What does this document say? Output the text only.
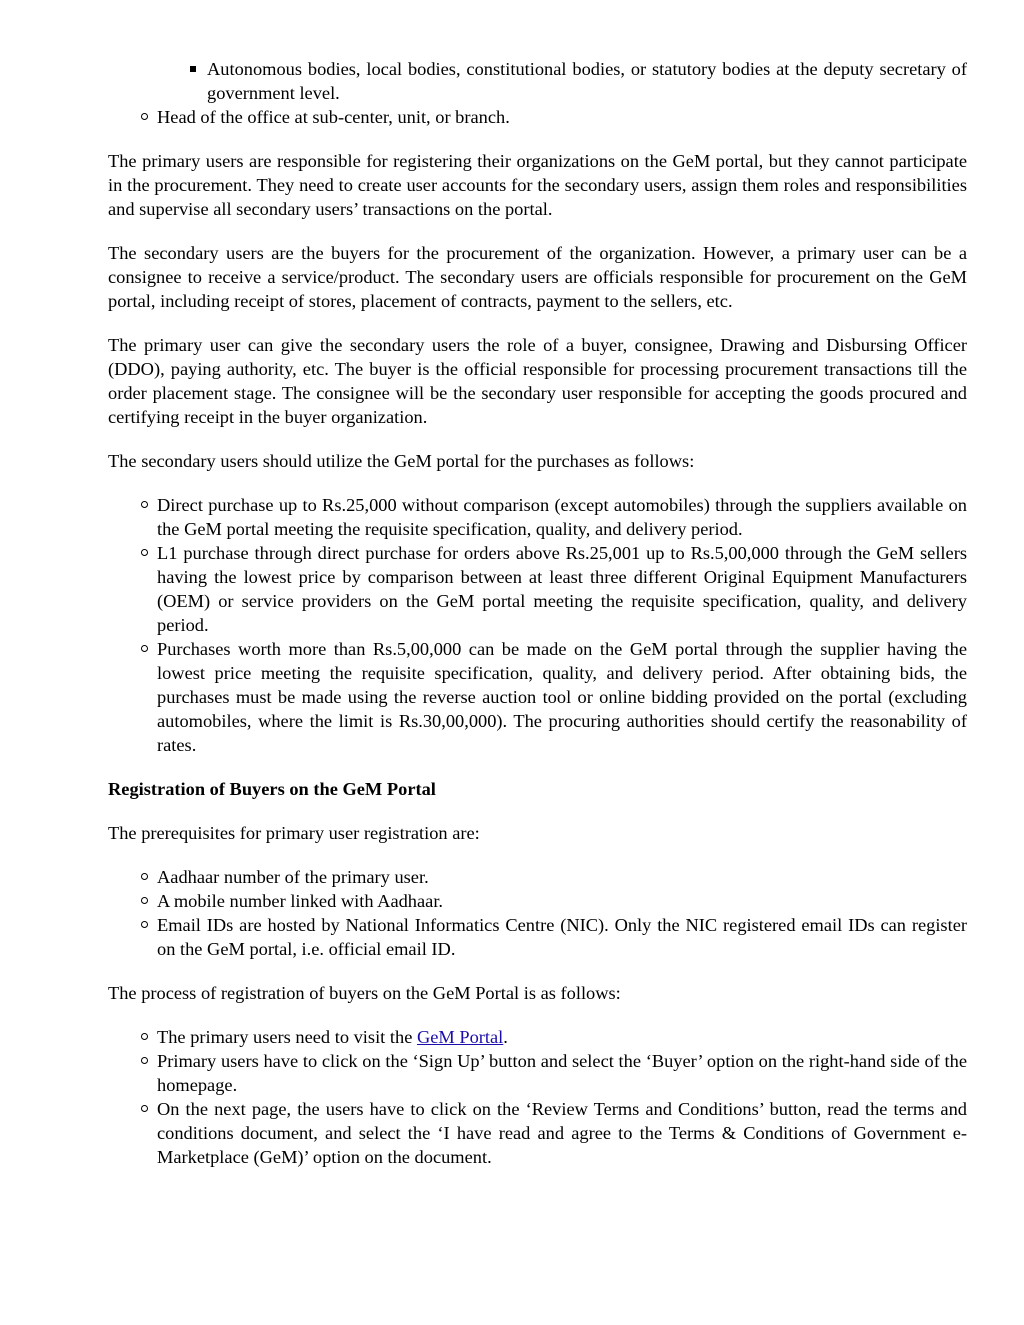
Autonomous bodies, local bodies, constitutional bodies, or statutory bodies at the deputy secretary of government level.
Head of the office at sub-center, unit, or branch.

The primary users are responsible for registering their organizations on the GeM portal, but they cannot participate in the procurement. They need to create user accounts for the secondary users, assign them roles and responsibilities and supervise all secondary users’ transactions on the portal.

The secondary users are the buyers for the procurement of the organization. However, a primary user can be a consignee to receive a service/product. The secondary users are officials responsible for procurement on the GeM portal, including receipt of stores, placement of contracts, payment to the sellers, etc.

The primary user can give the secondary users the role of a buyer, consignee, Drawing and Disbursing Officer (DDO), paying authority, etc. The buyer is the official responsible for processing procurement transactions till the order placement stage. The consignee will be the secondary user responsible for accepting the goods procured and certifying receipt in the buyer organization.

The secondary users should utilize the GeM portal for the purchases as follows:

Direct purchase up to Rs.25,000 without comparison (except automobiles) through the suppliers available on the GeM portal meeting the requisite specification, quality, and delivery period.
L1 purchase through direct purchase for orders above Rs.25,001 up to Rs.5,00,000 through the GeM sellers having the lowest price by comparison between at least three different Original Equipment Manufacturers (OEM) or service providers on the GeM portal meeting the requisite specification, quality, and delivery period.
Purchases worth more than Rs.5,00,000 can be made on the GeM portal through the supplier having the lowest price meeting the requisite specification, quality, and delivery period. After obtaining bids, the purchases must be made using the reverse auction tool or online bidding provided on the portal (excluding automobiles, where the limit is Rs.30,00,000). The procuring authorities should certify the reasonability of rates.

Registration of Buyers on the GeM Portal

The prerequisites for primary user registration are:

Aadhaar number of the primary user.
A mobile number linked with Aadhaar.
Email IDs are hosted by National Informatics Centre (NIC). Only the NIC registered email IDs can register on the GeM portal, i.e. official email ID.

The process of registration of buyers on the GeM Portal is as follows:

The primary users need to visit the GeM Portal.
Primary users have to click on the ‘Sign Up’ button and select the ‘Buyer’ option on the right-hand side of the homepage.
On the next page, the users have to click on the ‘Review Terms and Conditions’ button, read the terms and conditions document, and select the ‘I have read and agree to the Terms & Conditions of Government e-Marketplace (GeM)’ option on the document.
